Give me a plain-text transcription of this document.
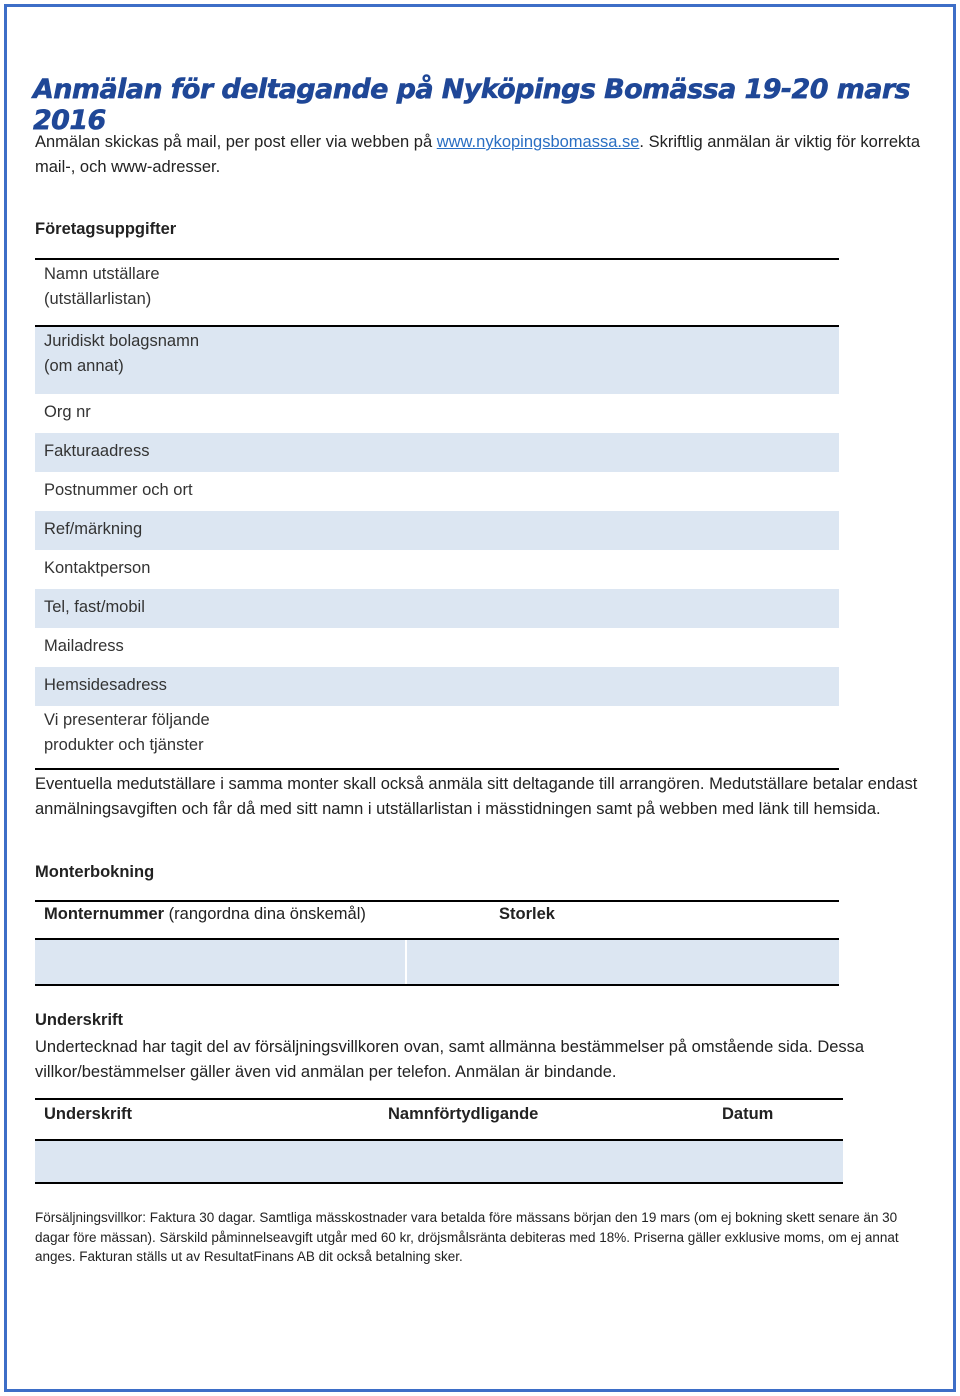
Anmälan för deltagande på Nyköpings Bomässa 19-20 mars 2016
Anmälan skickas på mail, per post eller via webben på www.nykopingsbomassa.se. Skriftlig anmälan är viktig för korrekta mail-, och www-adresser.
Företagsuppgifter
Namn utställare
(utställarlistan)
Juridiskt bolagsnamn
(om annat)
Org nr
Fakturaadress
Postnummer och ort
Ref/märkning
Kontaktperson
Tel, fast/mobil
Mailadress
Hemsidesadress
Vi presenterar följande
produkter och tjänster
Eventuella medutställare i samma monter skall också anmäla sitt deltagande till arrangören. Medutställare betalar endast anmälningsavgiften och får då med sitt namn i utställarlistan i mässtidningen samt på webben med länk till hemsida.
Monterbokning
Monternummer (rangordna dina önskemål)	Storlek
Underskrift
Undertecknad har tagit del av försäljningsvillkoren ovan, samt allmänna bestämmelser på omstående sida. Dessa villkor/bestämmelser gäller även vid anmälan per telefon. Anmälan är bindande.
Underskrift	Namnförtydligande	Datum
Försäljningsvillkor: Faktura 30 dagar. Samtliga mässkostnader vara betalda före mässans början den 19 mars (om ej bokning skett senare än 30 dagar före mässan). Särskild påminnelseavgift utgår med 60 kr, dröjsmålsränta debiteras med 18%. Priserna gäller exklusive moms, om ej annat anges. Fakturan ställs ut av ResultatFinans AB dit också betalning sker.
